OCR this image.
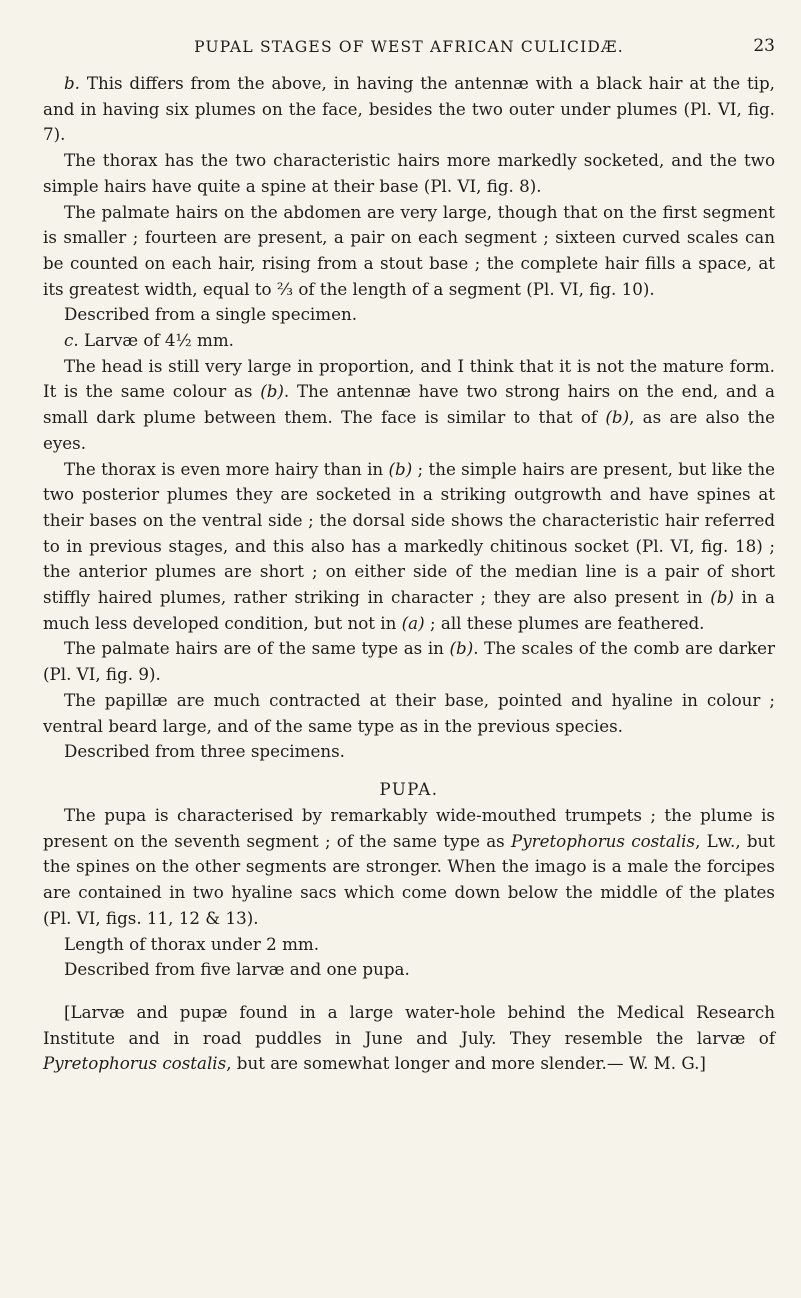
PUPAL STAGES OF WEST AFRICAN CULICIDÆ.	23

b. This differs from the above, in having the antennæ with a black hair at the tip, and in having six plumes on the face, besides the two outer under plumes (Pl. VI, fig. 7).

The thorax has the two characteristic hairs more markedly socketed, and the two simple hairs have quite a spine at their base (Pl. VI, fig. 8).

The palmate hairs on the abdomen are very large, though that on the first segment is smaller ; fourteen are present, a pair on each segment ; sixteen curved scales can be counted on each hair, rising from a stout base ; the complete hair fills a space, at its greatest width, equal to ⅔ of the length of a segment (Pl. VI, fig. 10).

Described from a single specimen.

c. Larvæ of 4½ mm.

The head is still very large in proportion, and I think that it is not the mature form. It is the same colour as (b). The antennæ have two strong hairs on the end, and a small dark plume between them. The face is similar to that of (b), as are also the eyes.

The thorax is even more hairy than in (b) ; the simple hairs are present, but like the two posterior plumes they are socketed in a striking outgrowth and have spines at their bases on the ventral side ; the dorsal side shows the characteristic hair referred to in previous stages, and this also has a markedly chitinous socket (Pl. VI, fig. 18) ; the anterior plumes are short ; on either side of the median line is a pair of short stiffly haired plumes, rather striking in character ; they are also present in (b) in a much less developed condition, but not in (a) ; all these plumes are feathered.

The palmate hairs are of the same type as in (b). The scales of the comb are darker (Pl. VI, fig. 9).

The papillæ are much contracted at their base, pointed and hyaline in colour ; ventral beard large, and of the same type as in the previous species.

Described from three specimens.

PUPA.

The pupa is characterised by remarkably wide-mouthed trumpets ; the plume is present on the seventh segment ; of the same type as Pyretophorus costalis, Lw., but the spines on the other segments are stronger. When the imago is a male the forcipes are contained in two hyaline sacs which come down below the middle of the plates (Pl. VI, figs. 11, 12 & 13).

Length of thorax under 2 mm.

Described from five larvæ and one pupa.

[Larvæ and pupæ found in a large water-hole behind the Medical Research Institute and in road puddles in June and July. They resemble the larvæ of Pyretophorus costalis, but are somewhat longer and more slender.— W. M. G.]
